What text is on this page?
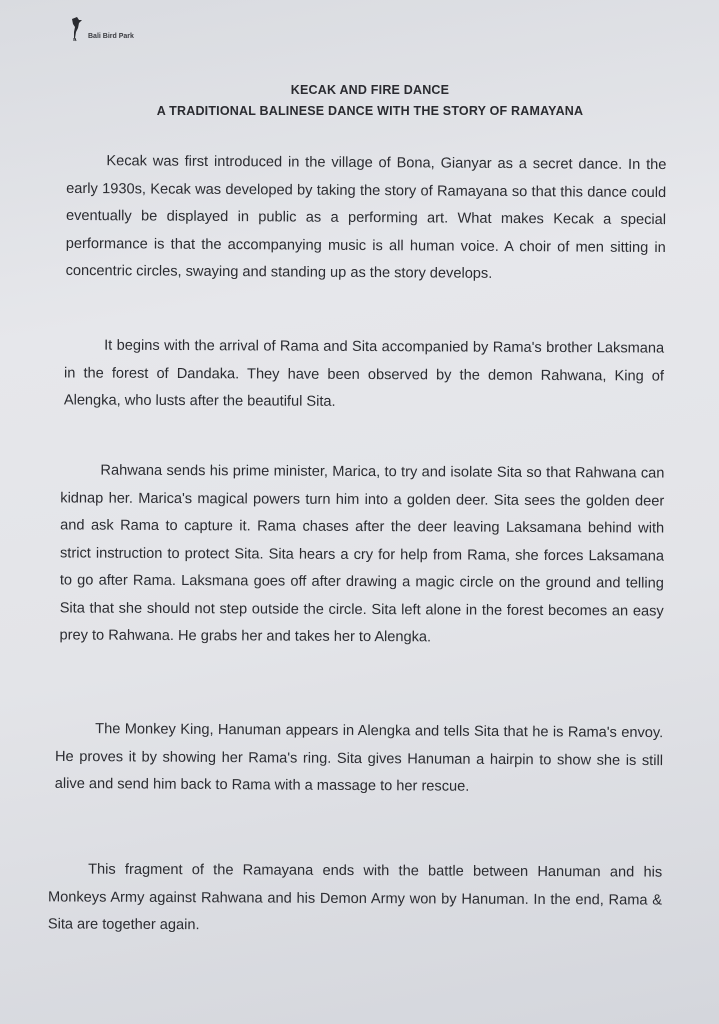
Bali Bird Park

KECAK AND FIRE DANCE

A TRADITIONAL BALINESE DANCE WITH THE STORY OF RAMAYANA

Kecak was first introduced in the village of Bona, Gianyar as a secret dance. In the early 1930s, Kecak was developed by taking the story of Ramayana so that this dance could eventually be displayed in public as a performing art. What makes Kecak a special performance is that the accompanying music is all human voice. A choir of men sitting in concentric circles, swaying and standing up as the story develops.

It begins with the arrival of Rama and Sita accompanied by Rama's brother Laksmana in the forest of Dandaka. They have been observed by the demon Rahwana, King of Alengka, who lusts after the beautiful Sita.

Rahwana sends his prime minister, Marica, to try and isolate Sita so that Rahwana can kidnap her. Marica's magical powers turn him into a golden deer. Sita sees the golden deer and ask Rama to capture it. Rama chases after the deer leaving Laksamana behind with strict instruction to protect Sita. Sita hears a cry for help from Rama, she forces Laksamana to go after Rama. Laksmana goes off after drawing a magic circle on the ground and telling Sita that she should not step outside the circle. Sita left alone in the forest becomes an easy prey to Rahwana. He grabs her and takes her to Alengka.

The Monkey King, Hanuman appears in Alengka and tells Sita that he is Rama's envoy. He proves it by showing her Rama's ring. Sita gives Hanuman a hairpin to show she is still alive and send him back to Rama with a massage to her rescue.

This fragment of the Ramayana ends with the battle between Hanuman and his Monkeys Army against Rahwana and his Demon Army won by Hanuman. In the end, Rama & Sita are together again.
